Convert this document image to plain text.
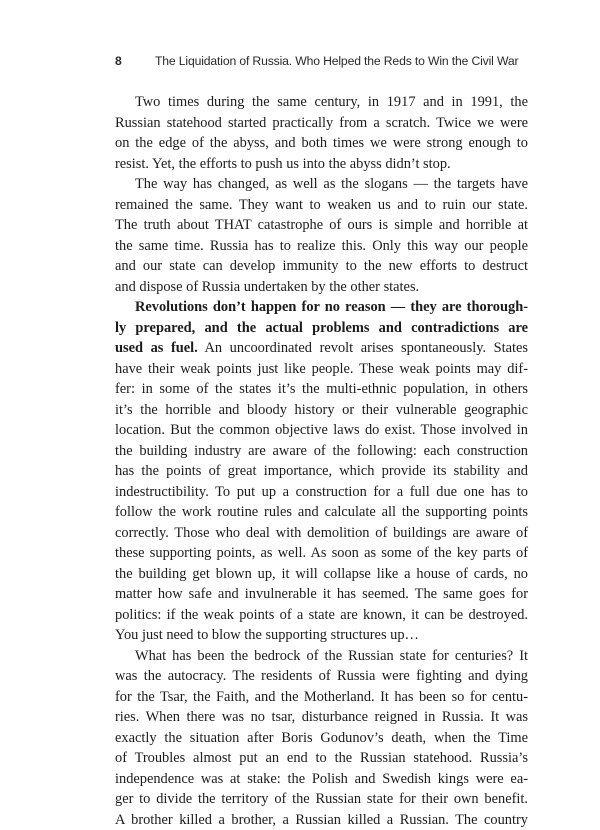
8	The Liquidation of Russia. Who Helped the Reds to Win the Civil War
Two times during the same century, in 1917 and in 1991, the
Russian statehood started practically from a scratch. Twice we were
on the edge of the abyss, and both times we were strong enough to
resist. Yet, the efforts to push us into the abyss didn’t stop.
The way has changed, as well as the slogans — the targets have
remained the same. They want to weaken us and to ruin our state.
The truth about THAT catastrophe of ours is simple and horrible at
the same time. Russia has to realize this. Only this way our people
and our state can develop immunity to the new efforts to destruct
and dispose of Russia undertaken by the other states.
Revolutions don’t happen for no reason — they are thorough-
ly prepared, and the actual problems and contradictions are
used as fuel. An uncoordinated revolt arises spontaneously. States
have their weak points just like people. These weak points may dif-
fer: in some of the states it’s the multi-ethnic population, in others
it’s the horrible and bloody history or their vulnerable geographic
location. But the common objective laws do exist. Those involved in
the building industry are aware of the following: each construction
has the points of great importance, which provide its stability and
indestructibility. To put up a construction for a full due one has to
follow the work routine rules and calculate all the supporting points
correctly. Those who deal with demolition of buildings are aware of
these supporting points, as well. As soon as some of the key parts of
the building get blown up, it will collapse like a house of cards, no
matter how safe and invulnerable it has seemed. The same goes for
politics: if the weak points of a state are known, it can be destroyed.
You just need to blow the supporting structures up…
What has been the bedrock of the Russian state for centuries? It
was the autocracy. The residents of Russia were fighting and dying
for the Tsar, the Faith, and the Motherland. It has been so for centu-
ries. When there was no tsar, disturbance reigned in Russia. It was
exactly the situation after Boris Godunov’s death, when the Time
of Troubles almost put an end to the Russian statehood. Russia’s
independence was at stake: the Polish and Swedish kings were ea-
ger to divide the territory of the Russian state for their own benefit.
A brother killed a brother, a Russian killed a Russian. The country
